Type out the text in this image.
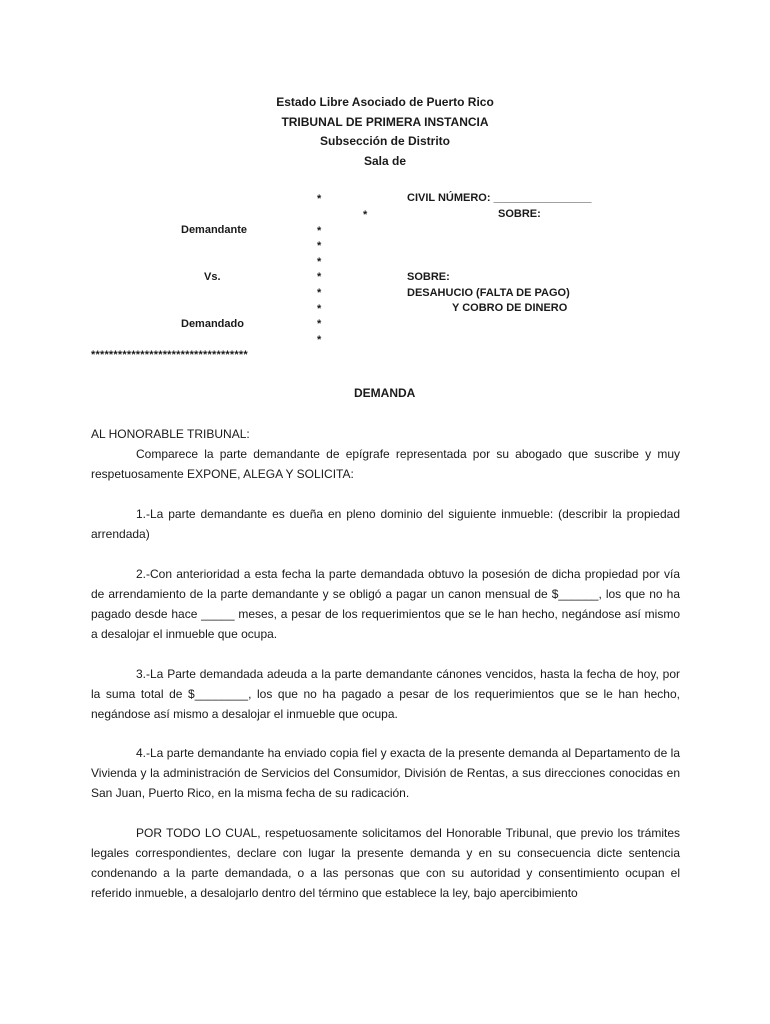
Estado Libre Asociado de Puerto Rico
TRIBUNAL DE PRIMERA INSTANCIA
Subsección de Distrito
Sala de
*	CIVIL NÚMERO: ________________
*	SOBRE:
Demandante	*
*
*
Vs.	*	SOBRE:
*	DESAHUCIO (FALTA DE PAGO)
*	Y COBRO DE DINERO
Demandado	*
*
***********************************
DEMANDA
AL HONORABLE TRIBUNAL:
Comparece la parte demandante de epígrafe representada por su abogado que suscribe y muy respetuosamente EXPONE, ALEGA Y SOLICITA:
1.-La parte demandante es dueña en pleno dominio del siguiente inmueble: (describir la propiedad arrendada)
2.-Con anterioridad a esta fecha la parte demandada obtuvo la posesión de dicha propiedad por vía de arrendamiento de la parte demandante y se obligó a pagar un canon mensual de $______, los que no ha pagado desde hace _____ meses, a pesar de los requerimientos que se le han hecho, negándose así mismo a desalojar el inmueble que ocupa.
3.-La Parte demandada adeuda a la parte demandante cánones vencidos, hasta la fecha de hoy, por la suma total de $________, los que no ha pagado a pesar de los requerimientos que se le han hecho, negándose así mismo a desalojar el inmueble que ocupa.
4.-La parte demandante ha enviado copia fiel y exacta de la presente demanda al Departamento de la Vivienda y la administración de Servicios del Consumidor, División de Rentas, a sus direcciones conocidas en San Juan, Puerto Rico, en la misma fecha de su radicación.
POR TODO LO CUAL, respetuosamente solicitamos del Honorable Tribunal, que previo los trámites legales correspondientes, declare con lugar la presente demanda y en su consecuencia dicte sentencia condenando a la parte demandada, o a las personas que con su autoridad y consentimiento ocupan el referido inmueble, a desalojarlo dentro del término que establece la ley, bajo apercibimiento
